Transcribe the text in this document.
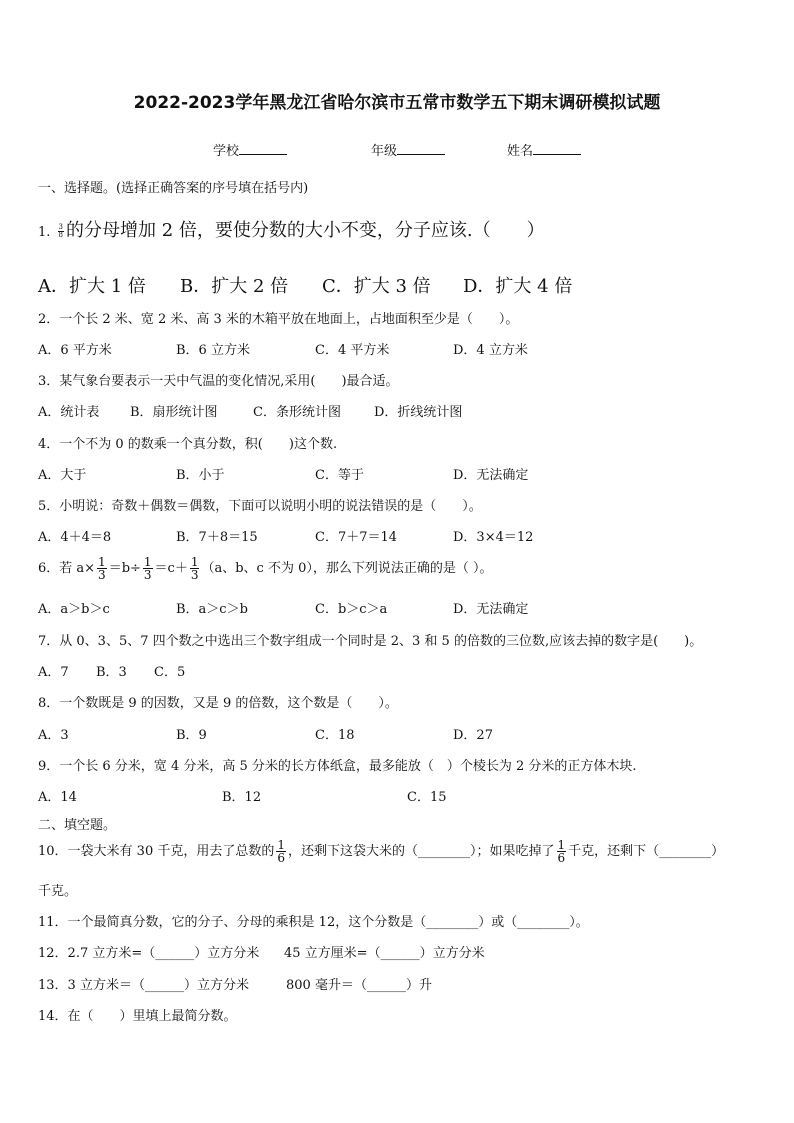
2022-2023学年黑龙江省哈尔滨市五常市数学五下期末调研模拟试题
学校	年级	姓名
一、选择题。(选择正确答案的序号填在括号内)
1. $\frac{3}{8}$ 的分母增加 2 倍，要使分数的大小不变，分子应该.（　　）
A．扩大 1 倍 B．扩大 2 倍 C．扩大 3 倍 D．扩大 4 倍
2．一个长 2 米、宽 2 米、高 3 米的木箱平放在地面上，占地面积至少是（　　）。
A．6 平方米	B．6 立方米	C．4 平方米	D．4 立方米
3．某气象台要表示一天中气温的变化情况,采用(　　)最合适。
A．统计表 B．扇形统计图	C．条形统计图	D．折线统计图
4．一个不为 0 的数乘一个真分数，积(　　)这个数.
A．大于	B．小于	C．等于	D．无法确定
5．小明说：奇数＋偶数＝偶数，下面可以说明小明的说法错误的是（　　）。
A．4＋4＝8	B．7＋8＝15	C．7＋7＝14	D．3×4＝12
6．若 $a\times \frac{1}{3} =b\div \frac{1}{3} =c+ \frac{1}{3} (a$、b、c 不为 0），那么下列说法正确的是（ ）。
A．a＞b＞c	B．a＞c＞b	C．b＞c＞a	D．无法确定
7．从 0、3、5、7 四个数之中选出三个数字组成一个同时是 2、3 和 5 的倍数的三位数,应该去掉的数字是(　　)。
A．7 B．3 C．5
8．一个数既是 9 的因数，又是 9 的倍数，这个数是（　　）。
A．3	B．9	C．18	D．27
9．一个长 6 分米，宽 4 分米，高 5 分米的长方体纸盒，最多能放（　）个棱长为 2 分米的正方体木块.
A．14	B．12	C．15
二、填空题。
10．一袋大米有 30 千克，用去了总数的 $\frac{1}{6}$ ，还剩下这袋大米的（________）；如果吃掉了 $\frac{1}{6}$ 千克，还剩下（________）
千克。
11．一个最简真分数，它的分子、分母的乘积是 12，这个分数是（________）或（________）。
12．2.7 立方米=（______）立方分米 45 立方厘米=（______）立方分米
13．3 立方米＝（______）立方分米	800 毫升＝（______）升
14．在（　　）里填上最简分数。
